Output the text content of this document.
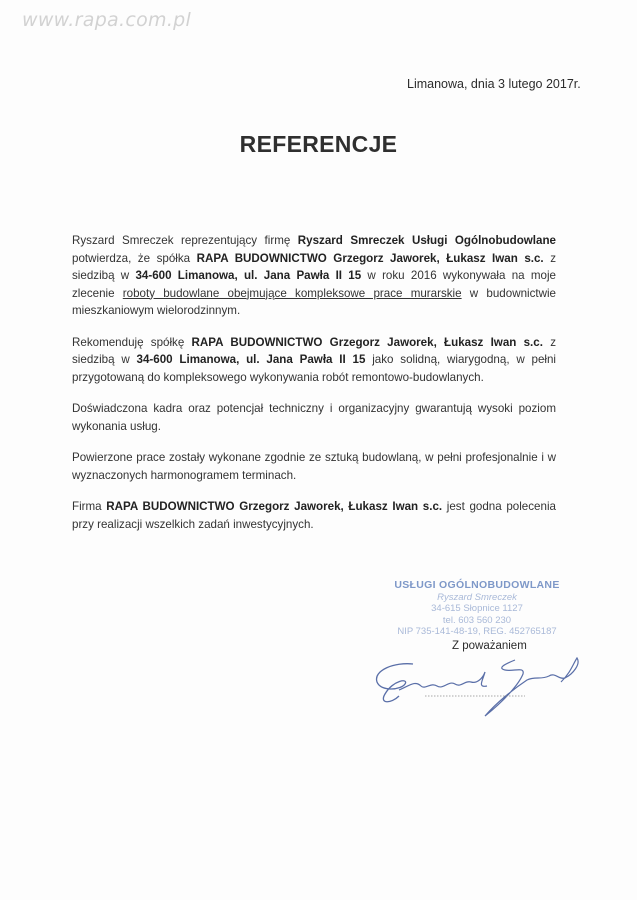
www.rapa.com.pl
Limanowa, dnia 3 lutego 2017r.
REFERENCJE

Ryszard Smreczek reprezentujący firmę Ryszard Smreczek Usługi Ogólnobudowlane potwierdza, że spółka RAPA BUDOWNICTWO Grzegorz Jaworek, Łukasz Iwan s.c. z siedzibą w 34-600 Limanowa, ul. Jana Pawła II 15 w roku 2016 wykonywała na moje zlecenie roboty budowlane obejmujące kompleksowe prace murarskie w budownictwie mieszkaniowym wielorodzinnym.

Rekomenduję spółkę RAPA BUDOWNICTWO Grzegorz Jaworek, Łukasz Iwan s.c. z siedzibą w 34-600 Limanowa, ul. Jana Pawła II 15 jako solidną, wiarygodną, w pełni przygotowaną do kompleksowego wykonywania robót remontowo-budowlanych.

Doświadczona kadra oraz potencjał techniczny i organizacyjny gwarantują wysoki poziom wykonania usług.

Powierzone prace zostały wykonane zgodnie ze sztuką budowlaną, w pełni profesjonalnie i w wyznaczonych harmonogramem terminach.

Firma RAPA BUDOWNICTWO Grzegorz Jaworek, Łukasz Iwan s.c. jest godna polecenia przy realizacji wszelkich zadań inwestycyjnych.

USŁUGI OGÓLNOBUDOWLANE
Ryszard Smreczek
34-615 Słopnice 1127
tel. 603 560 230
NIP 735-141-48-19, REG. 452765187
Z poważaniem
